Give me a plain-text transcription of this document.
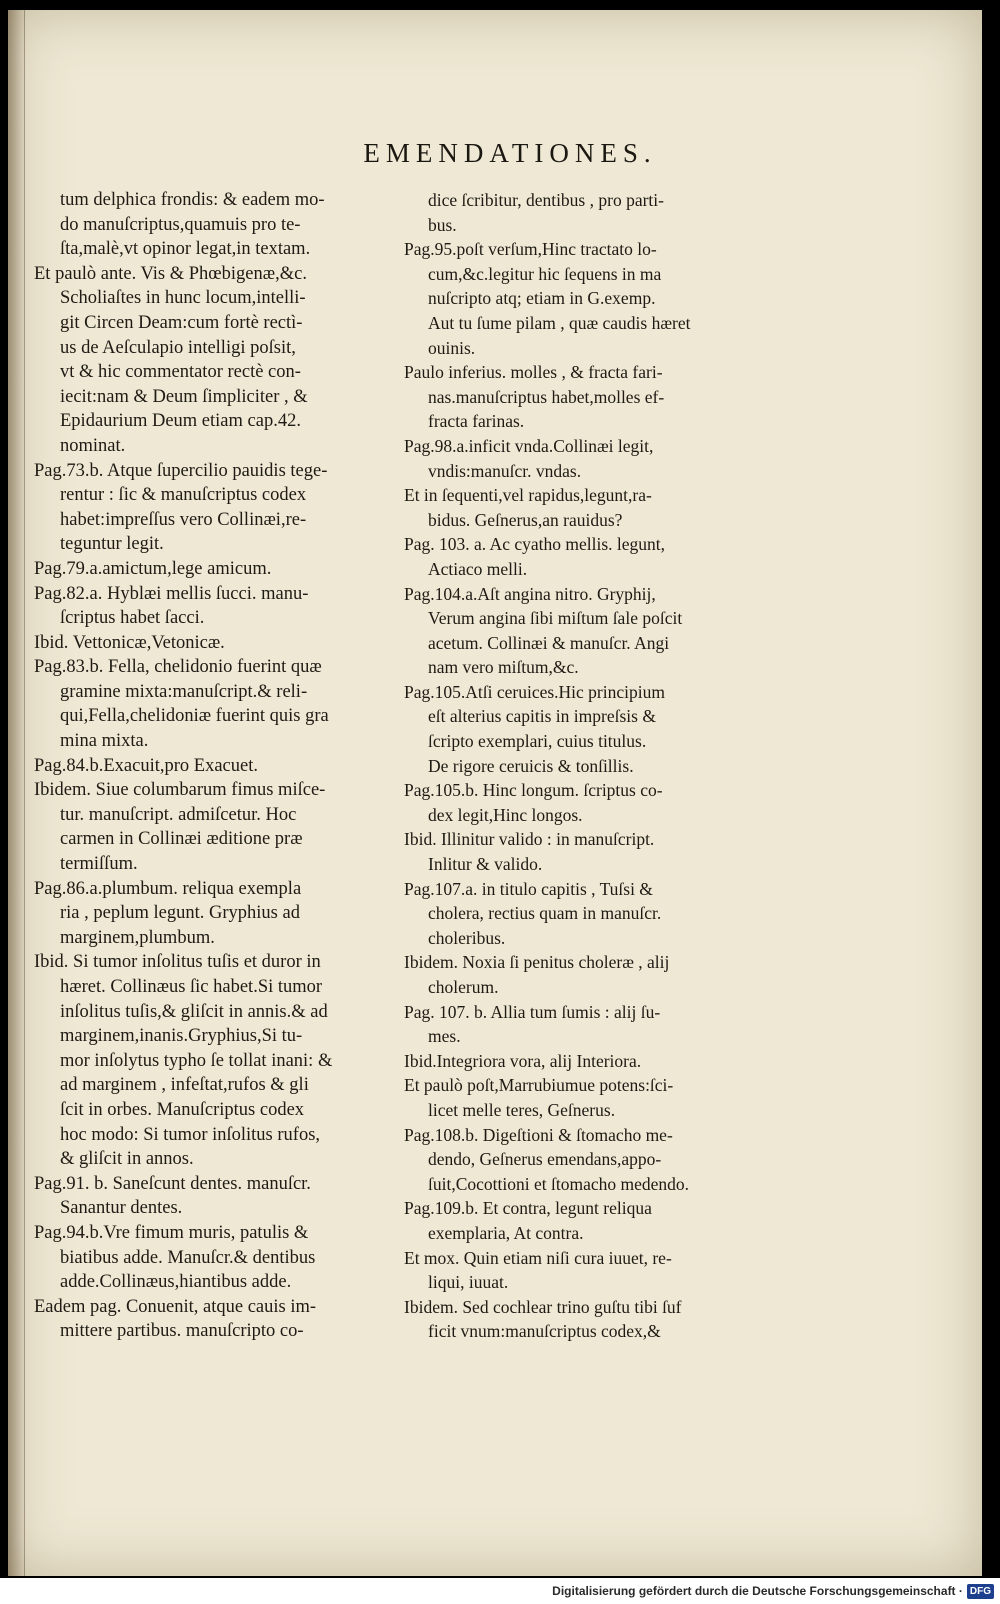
EMENDATIONES.
tum delphica frondis: & eadem mo-
do manuſcriptus,quamuis pro te-
ſta,malè,vt opinor legat,in textam.
Et paulò ante. Vis & Phœbigenæ,&c.
Scholiaſtes in hunc locum,intelli-
git Circen Deam:cum fortè rectì-
us de Aeſculapio intelligi poſsit,
vt & hic commentator rectè con-
iecit:nam & Deum ſimpliciter , &
Epidaurium Deum etiam cap.42.
nominat.
Pag.73.b. Atque ſupercilio pauidis tege-
rentur : ſic & manuſcriptus codex
habet:impreſſus vero Collinæi,re-
teguntur legit.
Pag.79.a.amictum,lege amicum.
Pag.82.a. Hyblæi mellis ſucci. manu-
ſcriptus habet ſacci.
Ibid. Vettonicæ,Vetonicæ.
Pag.83.b. Fella, chelidonio fuerint quæ
gramine mixta:manuſcript.& reli-
qui,Fella,chelidoniæ fuerint quis gra
mina mixta.
Pag.84.b.Exacuit,pro Exacuet.
Ibidem. Siue columbarum fimus miſce-
tur. manuſcript. admiſcetur. Hoc
carmen in Collinæi æditione præ
termiſſum.
Pag.86.a.plumbum. reliqua exempla
ria , peplum legunt. Gryphius ad
marginem,plumbum.
Ibid. Si tumor inſolitus tuſis et duror in
hæret. Collinæus ſic habet.Si tumor
inſolitus tuſis,& gliſcit in annis.& ad
marginem,inanis.Gryphius,Si tu-
mor inſolytus typho ſe tollat inani: &
ad marginem , infeſtat,rufos & gli
ſcit in orbes. Manuſcriptus codex
hoc modo: Si tumor inſolitus rufos,
& gliſcit in annos.
Pag.91. b. Saneſcunt dentes. manuſcr.
Sanantur dentes.
Pag.94.b.Vre fimum muris, patulis &
biatibus adde. Manuſcr.& dentibus
adde.Collinæus,hiantibus adde.
Eadem pag. Conuenit, atque cauis im-
mittere partibus. manuſcripto co-
dice ſcribitur, dentibus , pro parti-
bus.
Pag.95.poſt verſum,Hinc tractato lo-
cum,&c.legitur hic ſequens in ma
nuſcripto atq; etiam in G.exemp.
Aut tu ſume pilam , quæ caudis hæret
ouinis.
Paulo inferius. molles , & fracta fari-
nas.manuſcriptus habet,molles ef-
fracta farinas.
Pag.98.a.inficit vnda.Collinæi legit,
vndis:manuſcr. vndas.
Et in ſequenti,vel rapidus,legunt,ra-
bidus. Geſnerus,an rauidus?
Pag. 103. a. Ac cyatho mellis. legunt,
Actiaco melli.
Pag.104.a.Aſt angina nitro. Gryphij,
Verum angina ſibi miſtum ſale poſcit
acetum. Collinæi & manuſcr. Angi
nam vero miſtum,&c.
Pag.105.Atſi ceruices.Hic principium
eſt alterius capitis in impreſsis &
ſcripto exemplari, cuius titulus.
De rigore ceruicis & tonſillis.
Pag.105.b. Hinc longum. ſcriptus co-
dex legit,Hinc longos.
Ibid. Illinitur valido : in manuſcript.
Inlitur & valido.
Pag.107.a. in titulo capitis , Tuſsi &
cholera, rectius quam in manuſcr.
choleribus.
Ibidem. Noxia ſi penitus choleræ , alij
cholerum.
Pag. 107. b. Allia tum ſumis : alij ſu-
mes.
Ibid.Integriora vora, alij Interiora.
Et paulò poſt,Marrubiumue potens:ſci-
licet melle teres, Geſnerus.
Pag.108.b. Digeſtioni & ſtomacho me-
dendo, Geſnerus emendans,appo-
ſuit,Cocottioni et ſtomacho medendo.
Pag.109.b. Et contra, legunt reliqua
exemplaria, At contra.
Et mox. Quin etiam niſi cura iuuet, re-
liqui, iuuat.
Ibidem. Sed cochlear trino guſtu tibi ſuf
ficit vnum:manuſcriptus codex,&
Digitalisierung gefördert durch die Deutsche Forschungsgemeinschaft · DFG
